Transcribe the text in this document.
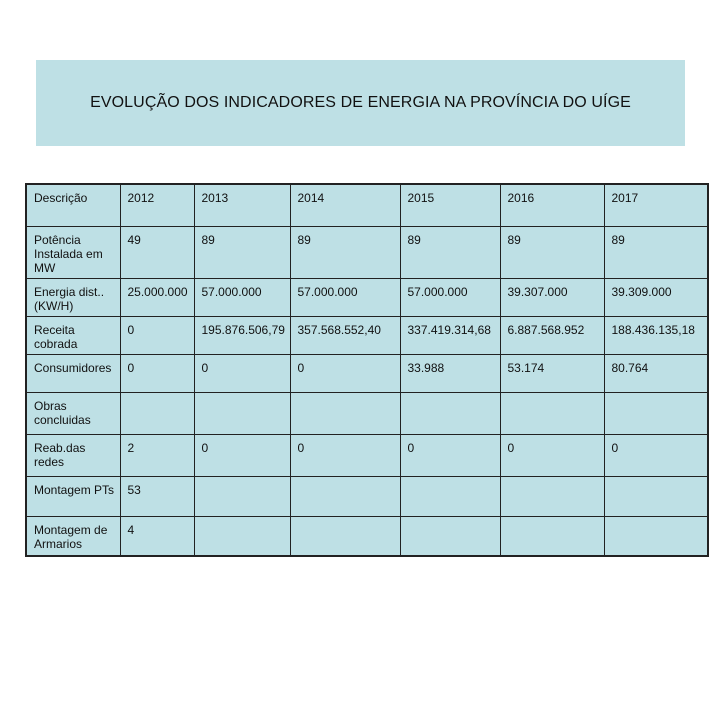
EVOLUÇÃO DOS INDICADORES DE ENERGIA NA PROVÍNCIA DO UÍGE
Descrição	2012	2013	2014	2015	2016	2017
Potência Instalada em MW	49	89	89	89	89	89
Energia dist..(KW/H)	25.000.000	57.000.000	57.000.000	57.000.000	39.307.000	39.309.000
Receita cobrada	0	195.876.506,79	357.568.552,40	337.419.314,68	6.887.568.952	188.436.135,18
Consumidores	0	0	0	33.988	53.174	80.764
Obras concluidas						
Reab.das redes	2	0	0	0	0	0
Montagem PTs	53					
Montagem de Armarios	4					
